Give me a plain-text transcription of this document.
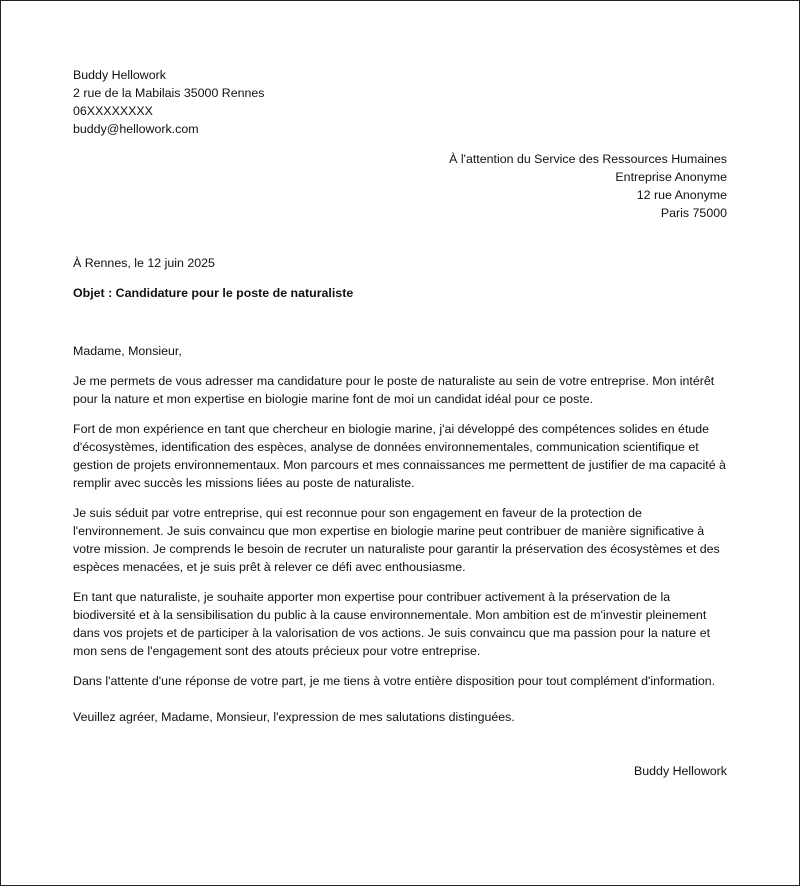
Buddy Hellowork
2 rue de la Mabilais 35000 Rennes
06XXXXXXXX
buddy@hellowork.com
À l'attention du Service des Ressources Humaines
Entreprise Anonyme
12 rue Anonyme
Paris 75000
À Rennes, le 12 juin 2025
Objet : Candidature pour le poste de naturaliste
Madame, Monsieur,
Je me permets de vous adresser ma candidature pour le poste de naturaliste au sein de votre entreprise. Mon intérêt pour la nature et mon expertise en biologie marine font de moi un candidat idéal pour ce poste.
Fort de mon expérience en tant que chercheur en biologie marine, j'ai développé des compétences solides en étude d'écosystèmes, identification des espèces, analyse de données environnementales, communication scientifique et gestion de projets environnementaux. Mon parcours et mes connaissances me permettent de justifier de ma capacité à remplir avec succès les missions liées au poste de naturaliste.
Je suis séduit par votre entreprise, qui est reconnue pour son engagement en faveur de la protection de l'environnement. Je suis convaincu que mon expertise en biologie marine peut contribuer de manière significative à votre mission. Je comprends le besoin de recruter un naturaliste pour garantir la préservation des écosystèmes et des espèces menacées, et je suis prêt à relever ce défi avec enthousiasme.
En tant que naturaliste, je souhaite apporter mon expertise pour contribuer activement à la préservation de la biodiversité et à la sensibilisation du public à la cause environnementale. Mon ambition est de m'investir pleinement dans vos projets et de participer à la valorisation de vos actions. Je suis convaincu que ma passion pour la nature et mon sens de l'engagement sont des atouts précieux pour votre entreprise.
Dans l'attente d'une réponse de votre part, je me tiens à votre entière disposition pour tout complément d'information.
Veuillez agréer, Madame, Monsieur, l'expression de mes salutations distinguées.
Buddy Hellowork
